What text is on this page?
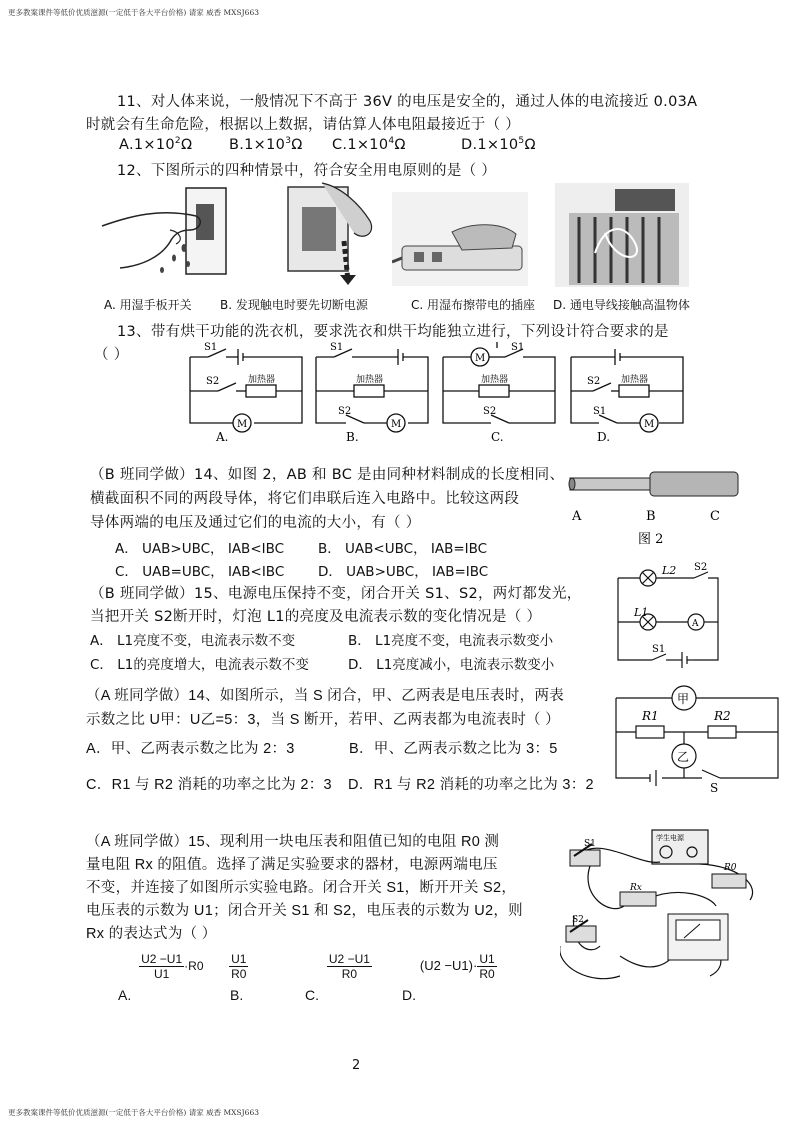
更多教案课件等低价优质滋源(一定低于各大平台价格) 请家 威香 MXSJ663
更多教案课件等低价优质滋源(一定低于各大平台价格) 请家 威香 MXSJ663
2
11、对人体来说，一般情况下不高于 36V 的电压是安全的，通过人体的电流接近 0.03A
时就会有生命危险，根据以上数据，请估算人体电阻最接近于（ ）
$A.1\times 10^2\Omega$	$B.1\times 10^3\Omega$ $C.1\times 10^4\Omega$	$D.1\times 10^5\Omega$
12、下图所示的四种情景中，符合安全用电原则的是（ ）
A. 用湿手板开关 B. 发现触电时要先切断电源	C. 用湿布擦带电的插座 D. 通电导线接触高温物体
13、带有烘干功能的洗衣机，要求洗衣和烘干均能独立进行，下列设计符合要求的是
（ ）	S1
S2	加热器
M
A.
S1
加热器
S2
M
B.
M
S1
加热器
S2
C.
S2 加热器
S1
M
D.
（B 班同学做）14、如图 2，AB 和 BC 是由同种材料制成的长度相同、
横截面积不同的两段导体，将它们串联后连入电路中。比较这两段
导体两端的电压及通过它们的电流的大小，有（ ）
A． UAB>UBC， IAB<IBC	B． UAB<UBC， IAB=IBC
C． UAB=UBC， IAB<IBC D． UAB>UBC， IAB=IBC
A	B	C
图 2
（B 班同学做）15、电源电压保持不变，闭合开关 S1、S2，两灯都发光，
当把开关 S2断开时，灯泡 L1的亮度及电流表示数的变化情况是（ ）
A． L1亮度不变，电流表示数不变	B． L1亮度不变，电流表示数变小
C． L1的亮度增大，电流表示数不变	D． L1亮度减小，电流表示数变小
L2 S2
L1
A
S1
（A 班同学做）14、如图所示，当 S 闭合，甲、乙两表是电压表时，两表
示数之比 U甲：U乙=5：3，当 S 断开，若甲、乙两表都为电流表时（ ）
A．甲、乙两表示数之比为 2：3	B．甲、乙两表示数之比为 3：5
C．R1 与 R2 消耗的功率之比为 2：3 D．R1 与 R2 消耗的功率之比为 3：2
甲
乙
R1	R2
S
（A 班同学做）15、现利用一块电压表和阻值已知的电阻 R0 测
量电阻 Rx 的阻值。选择了满足实验要求的器材，电源两端电压
不变，并连接了如图所示实验电路。闭合开关 S1，断开开关 S2，
电压表的示数为 U1；闭合开关 S1 和 S2，电压表的示数为 U2，则
Rx 的表达式为（ ）
A.
$\frac{U2 -U1}{U1} \cdot R0$
B.
$\frac{U1}{R0}$
C.
$\frac{U2 -U1}{R0}$
D. $(U2 -U1)\cdot \frac{U1}{R0}$
学生电源
S1
Rx
R0
S2
